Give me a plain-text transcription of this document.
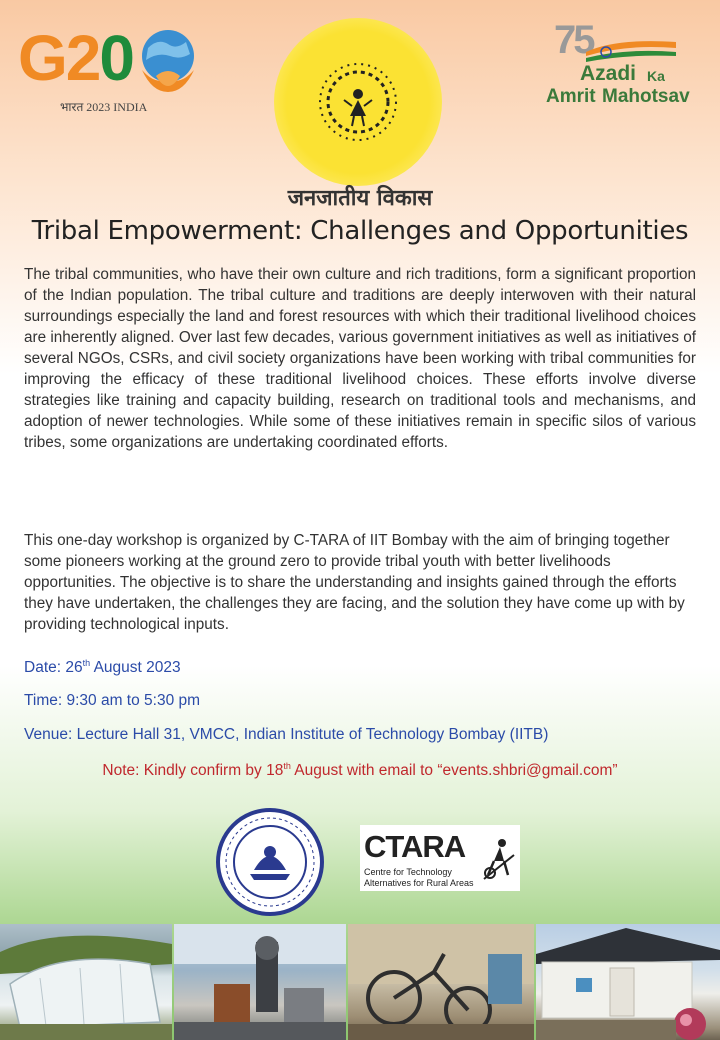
G20
भारत 2023 INDIA
75
Azadi Ka
Amrit Mahotsav
जनजातीय विकास
Tribal Empowerment: Challenges and Opportunities
The tribal communities, who have their own culture and rich traditions, form a significant proportion of the Indian population. The tribal culture and traditions are deeply interwoven with their natural surroundings especially the land and forest resources with which their traditional livelihood choices are inherently aligned. Over last few decades, various government initiatives as well as initiatives of several NGOs, CSRs, and civil society organizations have been working with tribal communities for improving the efficacy of these traditional livelihood choices. These efforts involve diverse strategies like training and capacity building, research on traditional tools and mechanisms, and adoption of newer technologies. While some of these initiatives remain in specific silos of various tribes, some organizations are undertaking coordinated efforts.
This one-day workshop is organized by C-TARA of IIT Bombay with the aim of bringing together some pioneers working at the ground zero to provide tribal youth with better livelihoods opportunities. The objective is to share the understanding and insights gained through the efforts they have undertaken, the challenges they are facing, and the solution they have come up with by providing technological inputs.
Date: 26th August 2023
Time: 9:30 am to 5:30 pm
Venue: Lecture Hall 31, VMCC, Indian Institute of Technology Bombay (IITB)
Note: Kindly confirm by 18th August with email to “events.shbri@gmail.com”
CTARA
Centre for Technology
Alternatives for Rural Areas
